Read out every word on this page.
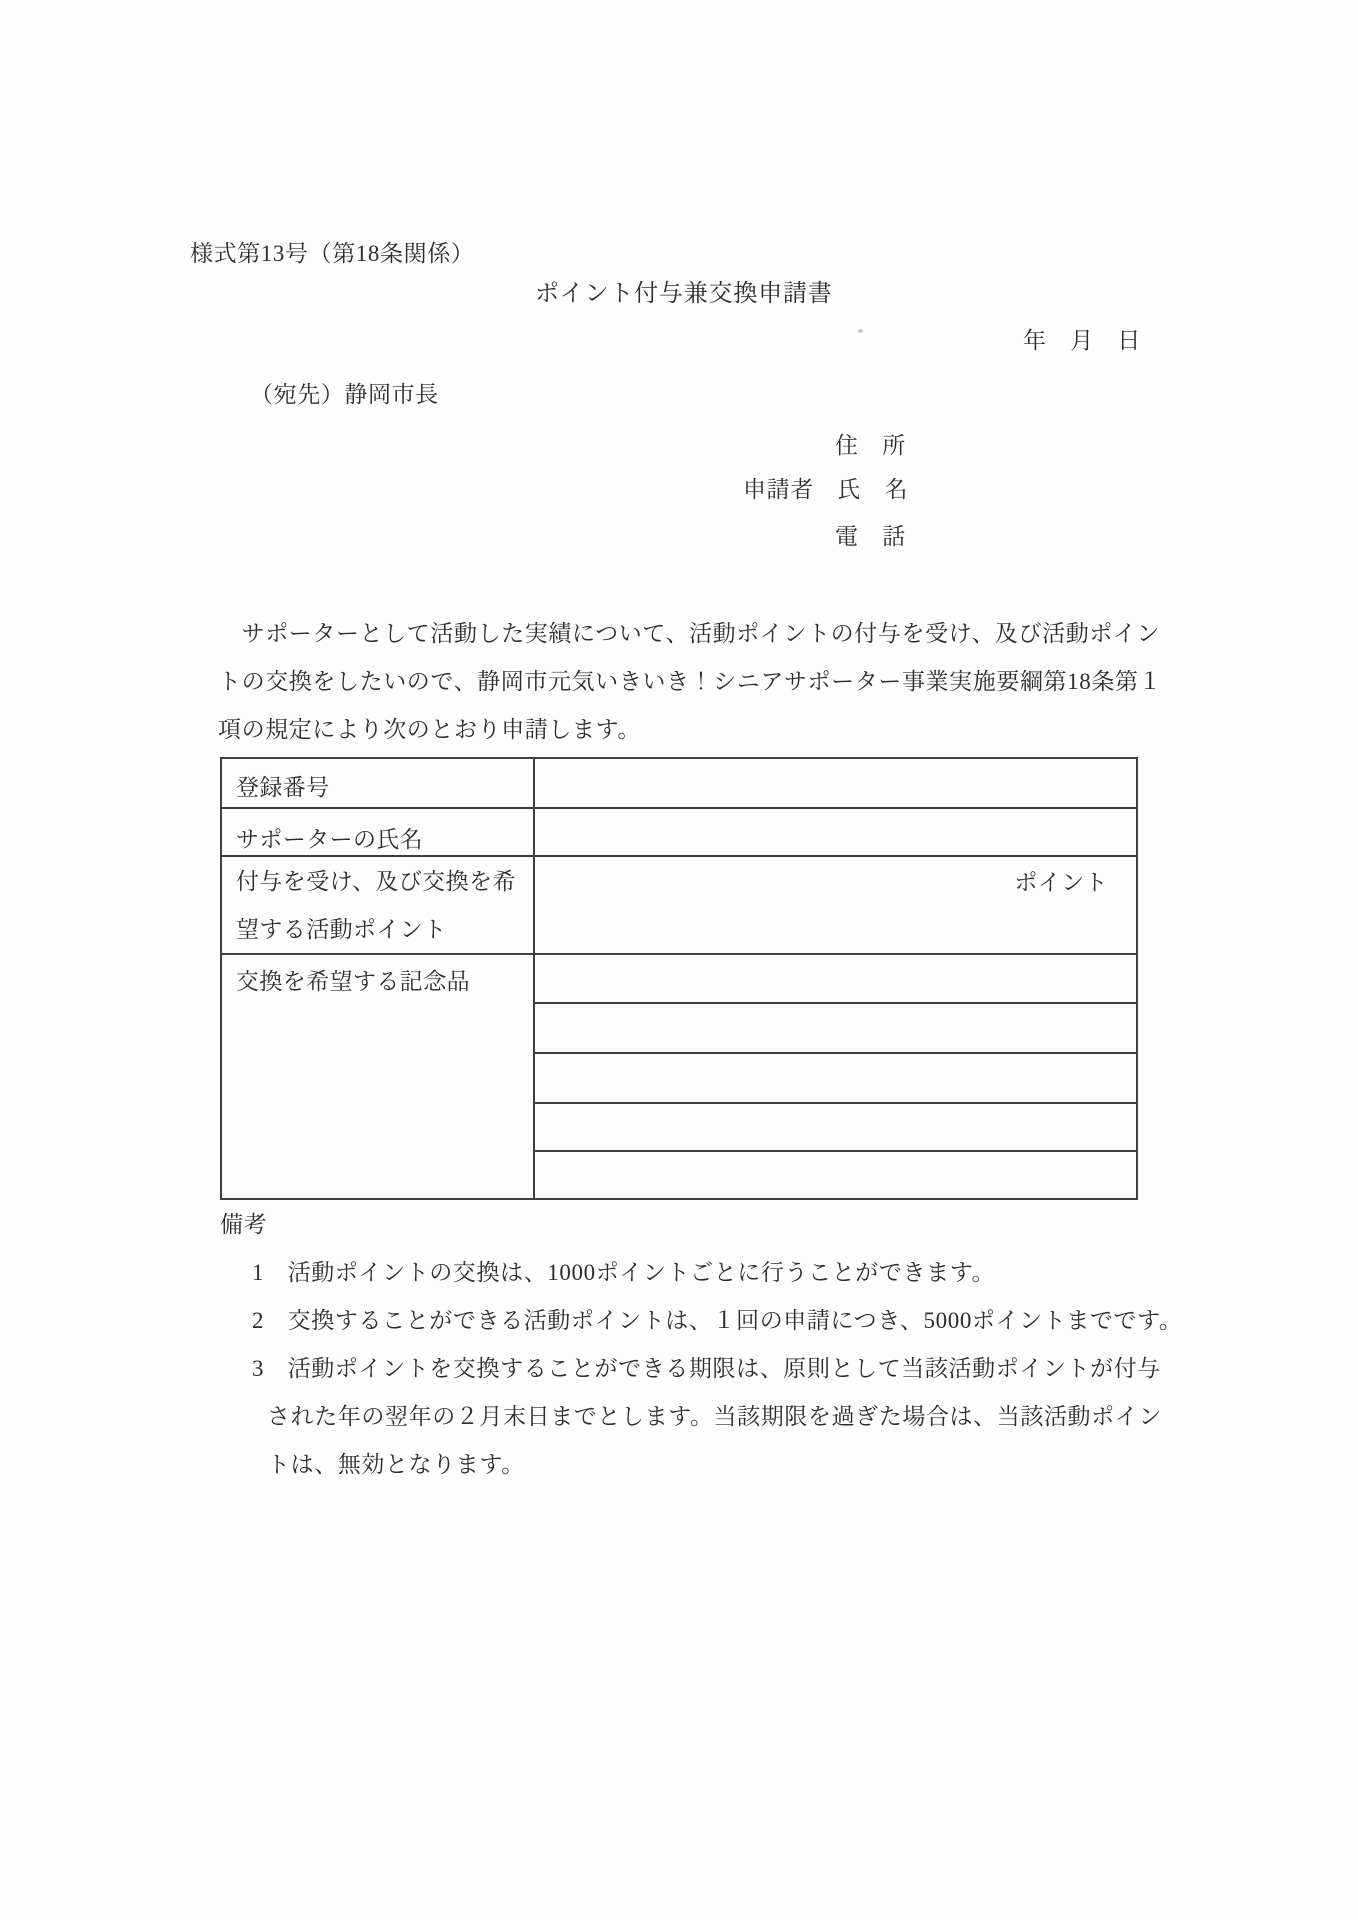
様式第13号（第18条関係）
ポイント付与兼交換申請書
年　月　日
（宛先）静岡市長
住　所
申請者　氏　名
電　話
　サポーターとして活動した実績について、活動ポイントの付与を受け、及び活動ポイン
トの交換をしたいので、静岡市元気いきいき！シニアサポーター事業実施要綱第18条第１
項の規定により次のとおり申請します。
登録番号
サポーターの氏名
付与を受け、及び交換を希
望する活動ポイント
ポイント
交換を希望する記念品
備考
1　活動ポイントの交換は、1000ポイントごとに行うことができます。
2　交換することができる活動ポイントは、１回の申請につき、5000ポイントまでです。
3　活動ポイントを交換することができる期限は、原則として当該活動ポイントが付与
された年の翌年の２月末日までとします。当該期限を過ぎた場合は、当該活動ポイン
トは、無効となります。
